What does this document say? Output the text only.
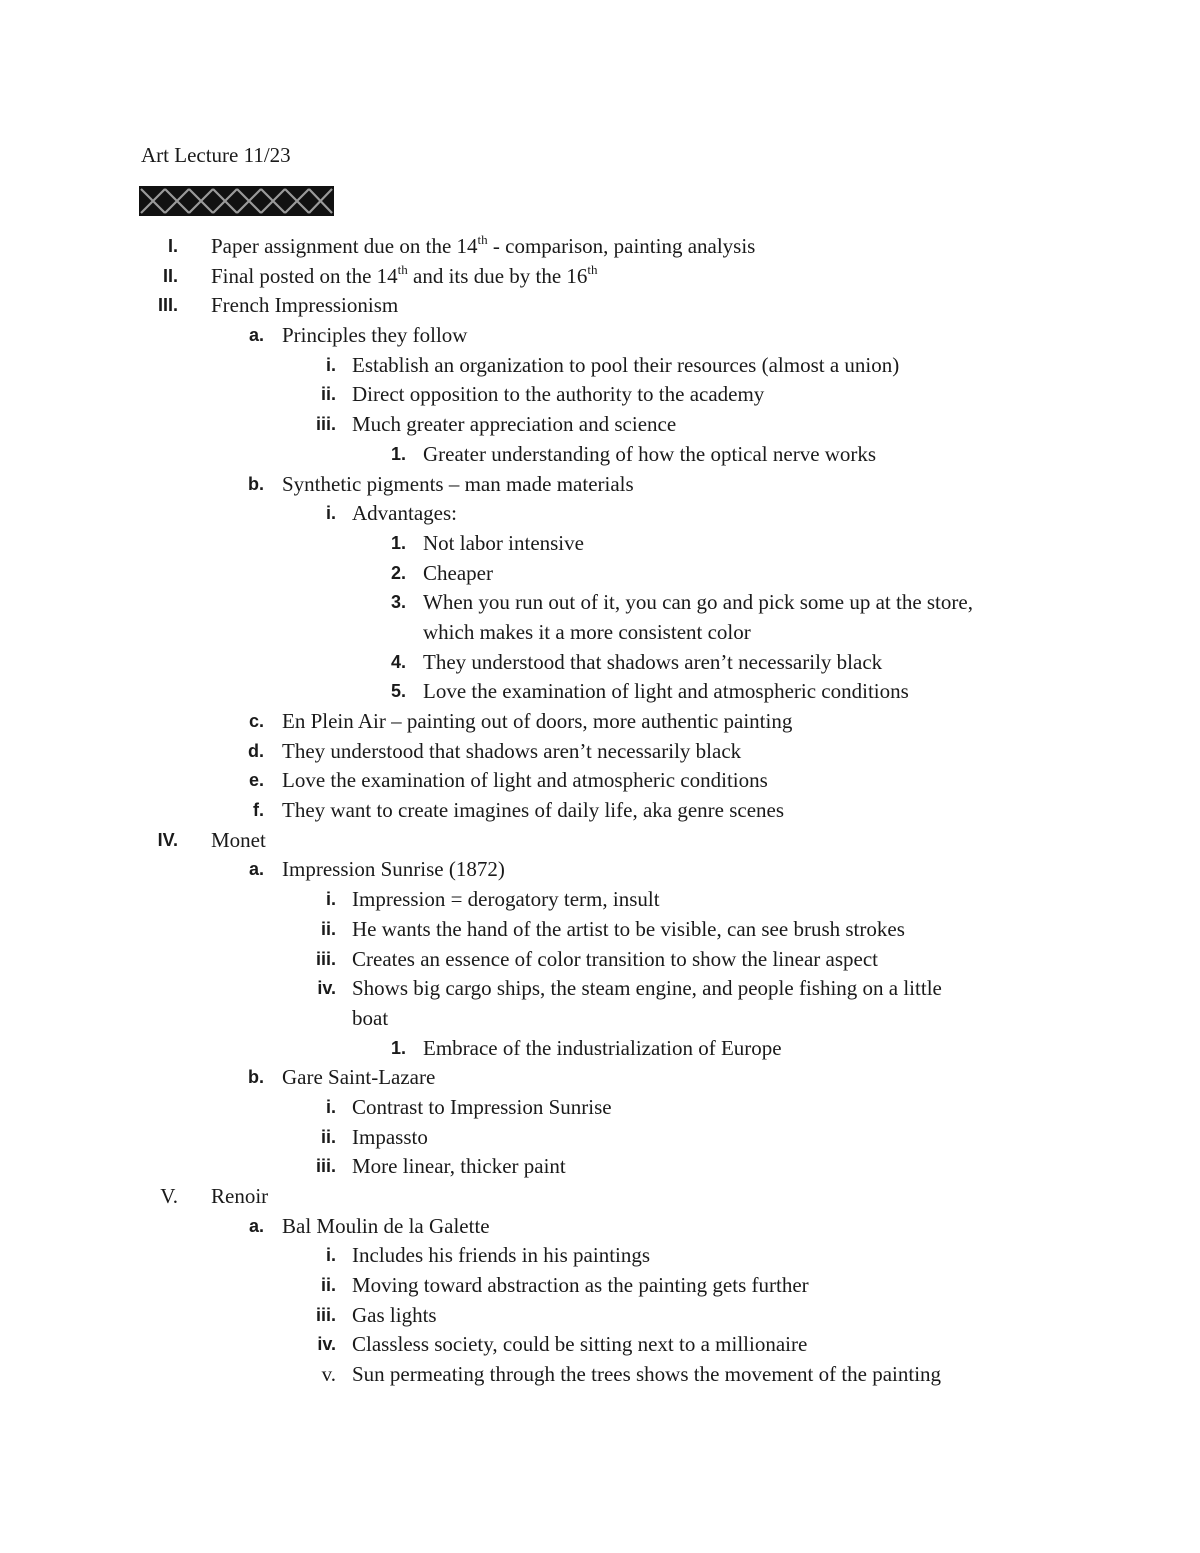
Art Lecture 11/23
I. Paper assignment due on the 14th - comparison, painting analysis
II. Final posted on the 14th and its due by the 16th
III. French Impressionism
a. Principles they follow
i. Establish an organization to pool their resources (almost a union)
ii. Direct opposition to the authority to the academy
iii. Much greater appreciation and science
1. Greater understanding of how the optical nerve works
b. Synthetic pigments – man made materials
i. Advantages:
1. Not labor intensive
2. Cheaper
3. When you run out of it, you can go and pick some up at the store,
which makes it a more consistent color
4. They understood that shadows aren’t necessarily black
5. Love the examination of light and atmospheric conditions
c. En Plein Air – painting out of doors, more authentic painting
d. They understood that shadows aren’t necessarily black
e. Love the examination of light and atmospheric conditions
f. They want to create imagines of daily life, aka genre scenes
IV. Monet
a. Impression Sunrise (1872)
i. Impression = derogatory term, insult
ii. He wants the hand of the artist to be visible, can see brush strokes
iii. Creates an essence of color transition to show the linear aspect
iv. Shows big cargo ships, the steam engine, and people fishing on a little
boat
1. Embrace of the industrialization of Europe
b. Gare Saint-Lazare
i. Contrast to Impression Sunrise
ii. Impassto
iii. More linear, thicker paint
V. Renoir
a. Bal Moulin de la Galette
i. Includes his friends in his paintings
ii. Moving toward abstraction as the painting gets further
iii. Gas lights
iv. Classless society, could be sitting next to a millionaire
v. Sun permeating through the trees shows the movement of the painting
